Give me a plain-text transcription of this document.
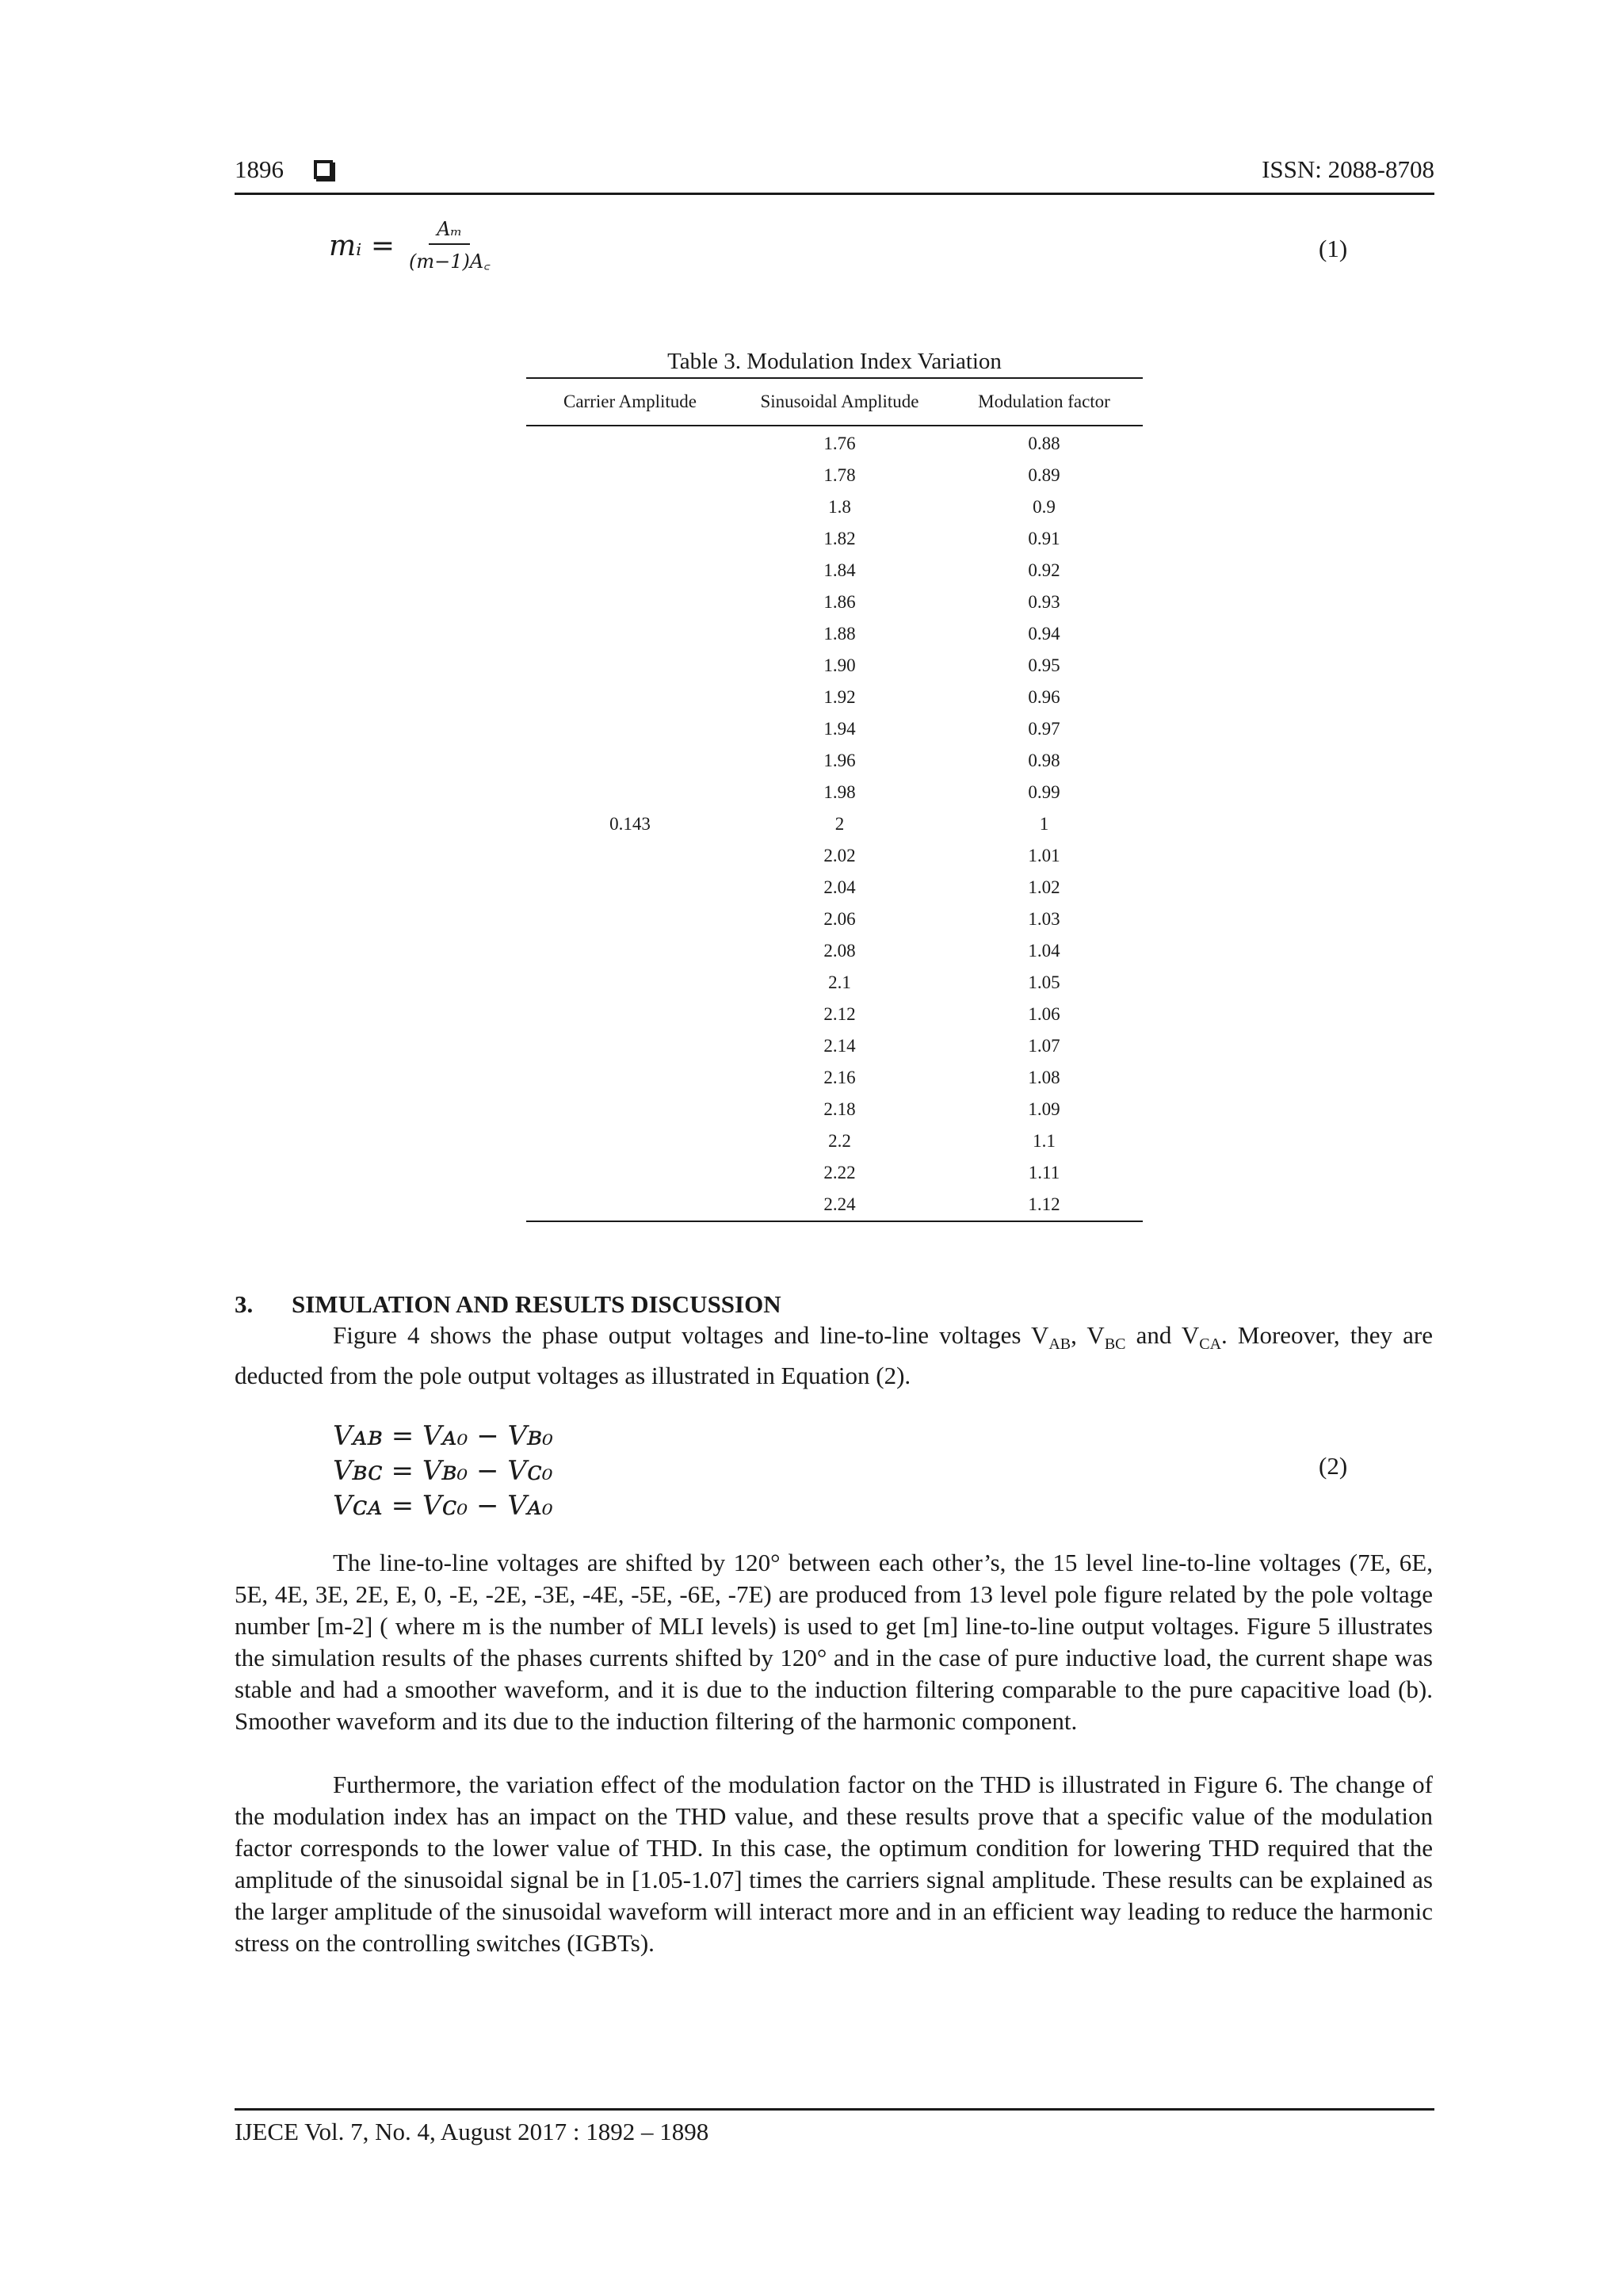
1896	ISSN: 2088-8708
mᵢ = $\frac{\text{Aₘ}}{(m-1)A꜀}$	(1)
Table 3. Modulation Index Variation
Carrier Amplitude	Sinusoidal Amplitude	Modulation factor
0.143	1.76	0.88
	1.78	0.89
	1.8	0.9
	1.82	0.91
	1.84	0.92
	1.86	0.93
	1.88	0.94
	1.90	0.95
	1.92	0.96
	1.94	0.97
	1.96	0.98
	1.98	0.99
	2	1
	2.02	1.01
	2.04	1.02
	2.06	1.03
	2.08	1.04
	2.1	1.05
	2.12	1.06
	2.14	1.07
	2.16	1.08
	2.18	1.09
	2.2	1.1
	2.22	1.11
	2.24	1.12
3. SIMULATION AND RESULTS DISCUSSION

Figure 4 shows the phase output voltages and line-to-line voltages $V_{AB}$, $V_{BC}$ and $V_{CA}$. Moreover, they are deducted from the pole output voltages as illustrated in Equation (2).

Vᴀʙ = Vᴀ₀ − Vʙ₀
Vʙᴄ = Vʙ₀ − Vᴄ₀
Vᴄᴀ = Vᴄ₀ − Vᴀ₀
(2)

The line-to-line voltages are shifted by 120° between each other’s, the 15 level line-to-line voltages (7E, 6E, 5E, 4E, 3E, 2E, E, 0, -E, -2E, -3E, -4E, -5E, -6E, -7E) are produced from 13 level pole figure related by the pole voltage number [m-2] ( where m is the number of MLI levels) is used to get [m] line-to-line output voltages. Figure 5 illustrates the simulation results of the phases currents shifted by 120° and in the case of pure inductive load, the current shape was stable and had a smoother waveform, and it is due to the induction filtering comparable to the pure capacitive load (b). Smoother waveform and its due to the induction filtering of the harmonic component.

Furthermore, the variation effect of the modulation factor on the THD is illustrated in Figure 6. The change of the modulation index has an impact on the THD value, and these results prove that a specific value of the modulation factor corresponds to the lower value of THD. In this case, the optimum condition for lowering THD required that the amplitude of the sinusoidal signal be in [1.05-1.07] times the carriers signal amplitude. These results can be explained as the larger amplitude of the sinusoidal waveform will interact more and in an efficient way leading to reduce the harmonic stress on the controlling switches (IGBTs).

IJECE Vol. 7, No. 4, August 2017 : 1892 – 1898
